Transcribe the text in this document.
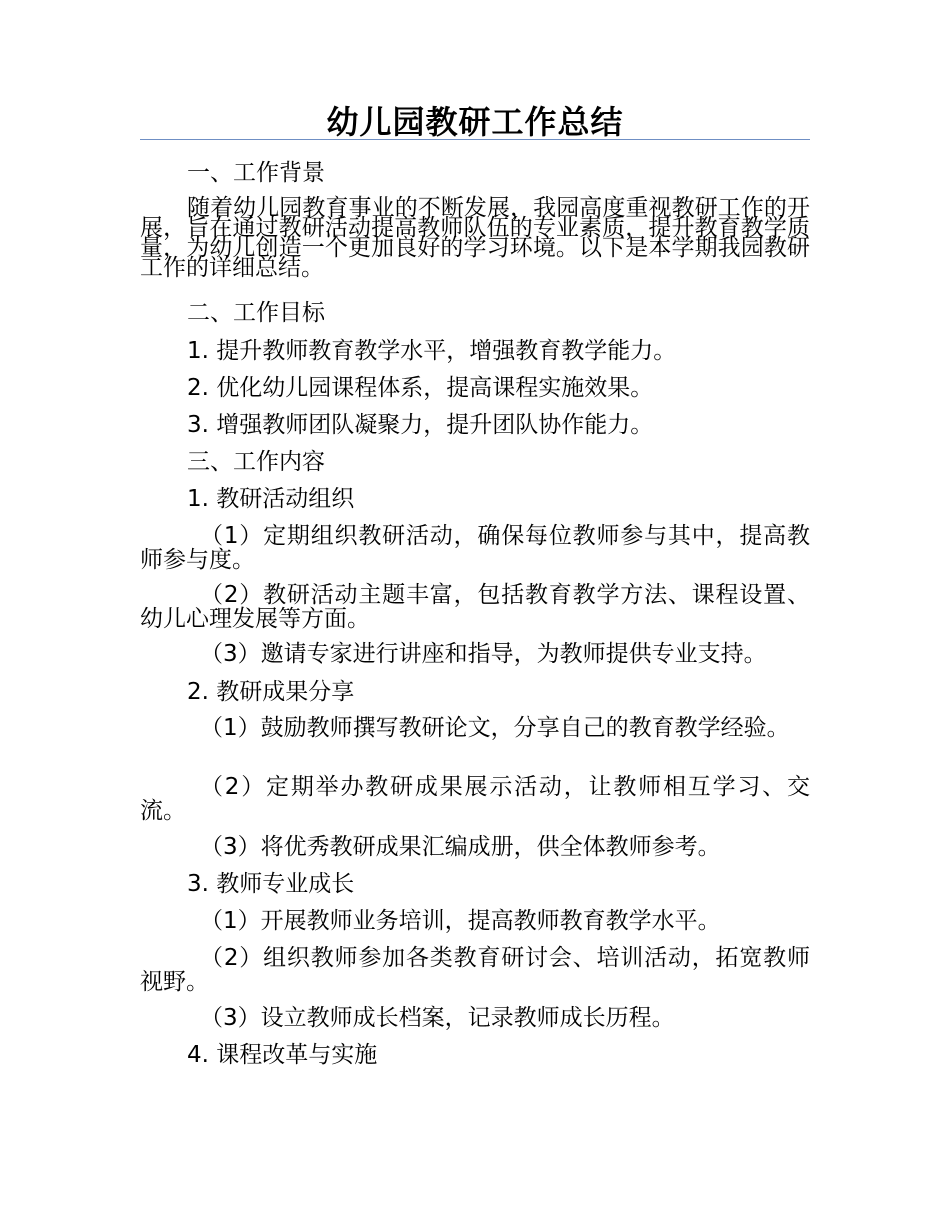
幼儿园教研工作总结
一、工作背景
随着幼儿园教育事业的不断发展，我园高度重视教研工作的开展，旨在通过教研活动提高教师队伍的专业素质，提升教育教学质量，为幼儿创造一个更加良好的学习环境。以下是本学期我园教研工作的详细总结。
二、工作目标
1. 提升教师教育教学水平，增强教育教学能力。
2. 优化幼儿园课程体系，提高课程实施效果。
3. 增强教师团队凝聚力，提升团队协作能力。
三、工作内容
1. 教研活动组织
（1）定期组织教研活动，确保每位教师参与其中，提高教师参与度。
（2）教研活动主题丰富，包括教育教学方法、课程设置、幼儿心理发展等方面。
（3）邀请专家进行讲座和指导，为教师提供专业支持。
2. 教研成果分享
（1）鼓励教师撰写教研论文，分享自己的教育教学经验。
（2）定期举办教研成果展示活动，让教师相互学习、交流。
（3）将优秀教研成果汇编成册，供全体教师参考。
3. 教师专业成长
（1）开展教师业务培训，提高教师教育教学水平。
（2）组织教师参加各类教育研讨会、培训活动，拓宽教师视野。
（3）设立教师成长档案，记录教师成长历程。
4. 课程改革与实施
